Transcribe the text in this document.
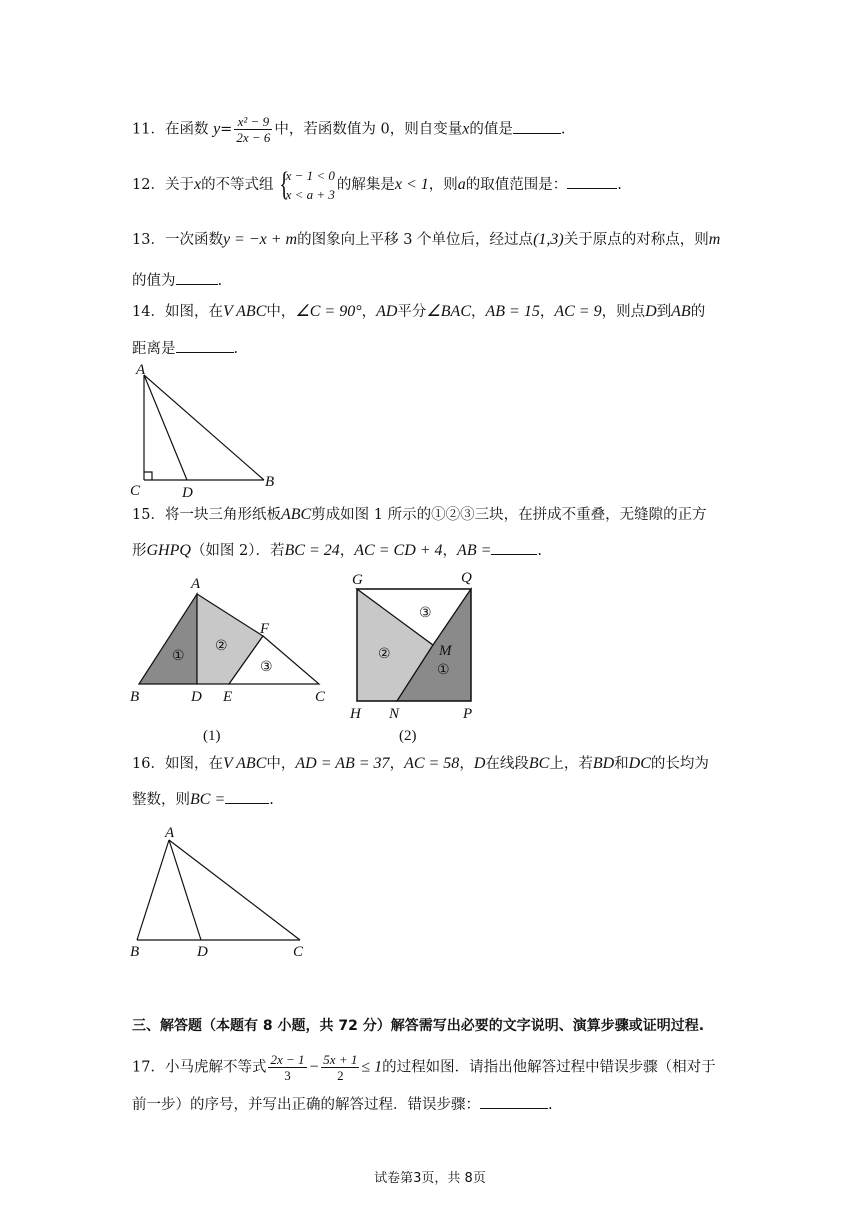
11．在函数 $y= \frac{\text{x² − 9}}{2x - 6}$ 中，若函数值为 0，则自变量x的值是	.
12．关于x的不等式组 {
x − 1 < 0
x < a + 3
的解集是x < 1，则a的取值范围是：	.
13．一次函数y = −x + m的图象向上平移 3 个单位后，经过点(1,3)关于原点的对称点，则m
的值为	.
14．如图，在V ABC中，∠C = 90°，AD平分∠BAC，AB = 15，AC = 9，则点D到AB的
距离是	.
A
C	D
B
15．将一块三角形纸板ABC剪成如图 1 所示的①②③三块，在拼成不重叠，无缝隙的正方
形GHPQ（如图 2）．若BC = 24，AC = CD + 4，AB =	.
①
②
③
A
B	D E	C
F
(1)
②
③
①
M
G	Q
H N	P
(2)
16．如图，在V ABC中，AD = AB = 37，AC = 58，D在线段BC上，若BD和DC的长均为
整数，则BC =	.
A
B	D	C
三、解答题（本题有 8 小题，共 72 分）解答需写出必要的文字说明、演算步骤或证明过程.
17．小马虎解不等式 $\frac{2x - 1}{3} - \frac{5x + 1}{2} \le 1$的过程如图．请指出他解答过程中错误步骤（相对于
前一步）的序号，并写出正确的解答过程．错误步骤：	.
试卷第3页，共 8页
